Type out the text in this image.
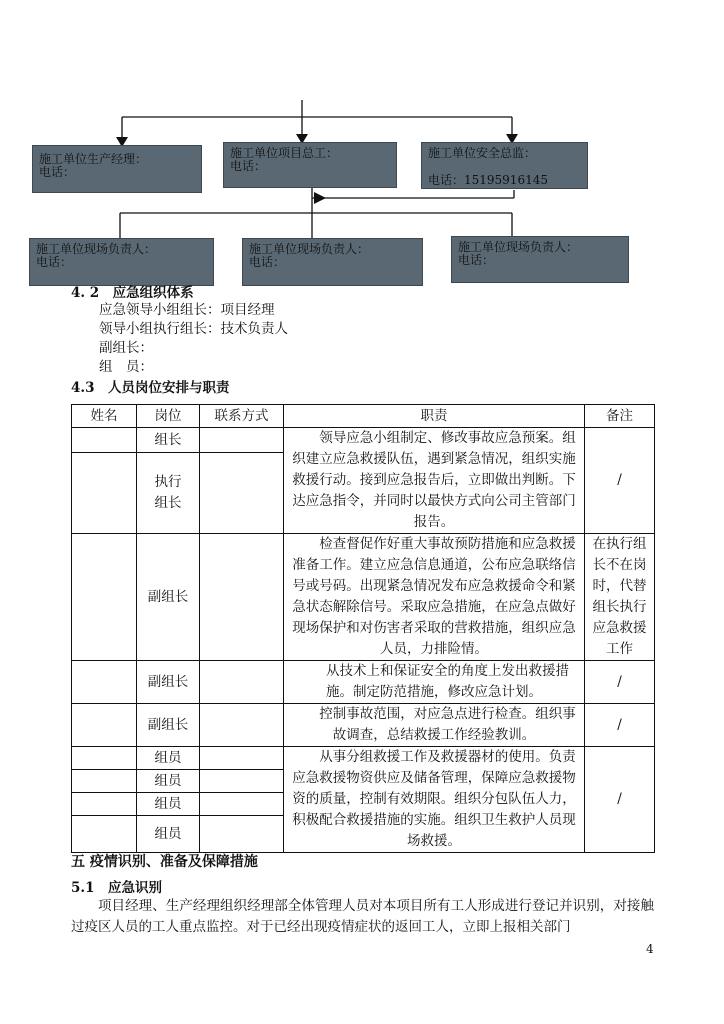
施工单位生产经理：
电话：
施工单位项目总工：
电话：
施工单位安全总监：
电话：15195916145
施工单位现场负责人：
电话：
施工单位现场负责人：
电话：
施工单位现场负责人：
电话：
4. 2　应急组织体系
应急领导小组组长：项目经理
领导小组执行组长：技术负责人
副组长：
组　员：
4.3　人员岗位安排与职责
姓名	岗位	联系方式	职责	备注
	组长		领导应急小组制定、修改事故应急预案。组织建立应急救援队伍，遇到紧急情况，组织实施救援行动。接到应急报告后，立即做出判断。下达应急指令，并同时以最快方式向公司主管部门报告。	/
	执行组长			
	副组长		检查督促作好重大事故预防措施和应急救援准备工作。建立应急信息通道，公布应急联络信号或号码。出现紧急情况发布应急救援命令和紧急状态解除信号。采取应急措施，在应急点做好现场保护和对伤害者采取的营救措施，组织应急人员，力排险情。	在执行组长不在岗时，代替组长执行应急救援工作
	副组长		从技术上和保证安全的角度上发出救援措施。制定防范措施，修改应急计划。	/
	副组长		控制事故范围，对应急点进行检查。组织事故调查，总结救援工作经验教训。	/
	组员		从事分组救援工作及救援器材的使用。负责应急救援物资供应及储备管理，保障应急救援物资的质量，控制有效期限。组织分包队伍人力，积极配合救援措施的实施。组织卫生救护人员现场救援。	/
	组员			
	组员			
	组员			
五 疫情识别、准备及保障措施
5.1　应急识别
项目经理、生产经理组织经理部全体管理人员对本项目所有工人形成进行登记并识别，对接触过疫区人员的工人重点监控。对于已经出现疫情症状的返回工人，立即上报相关部门
4
